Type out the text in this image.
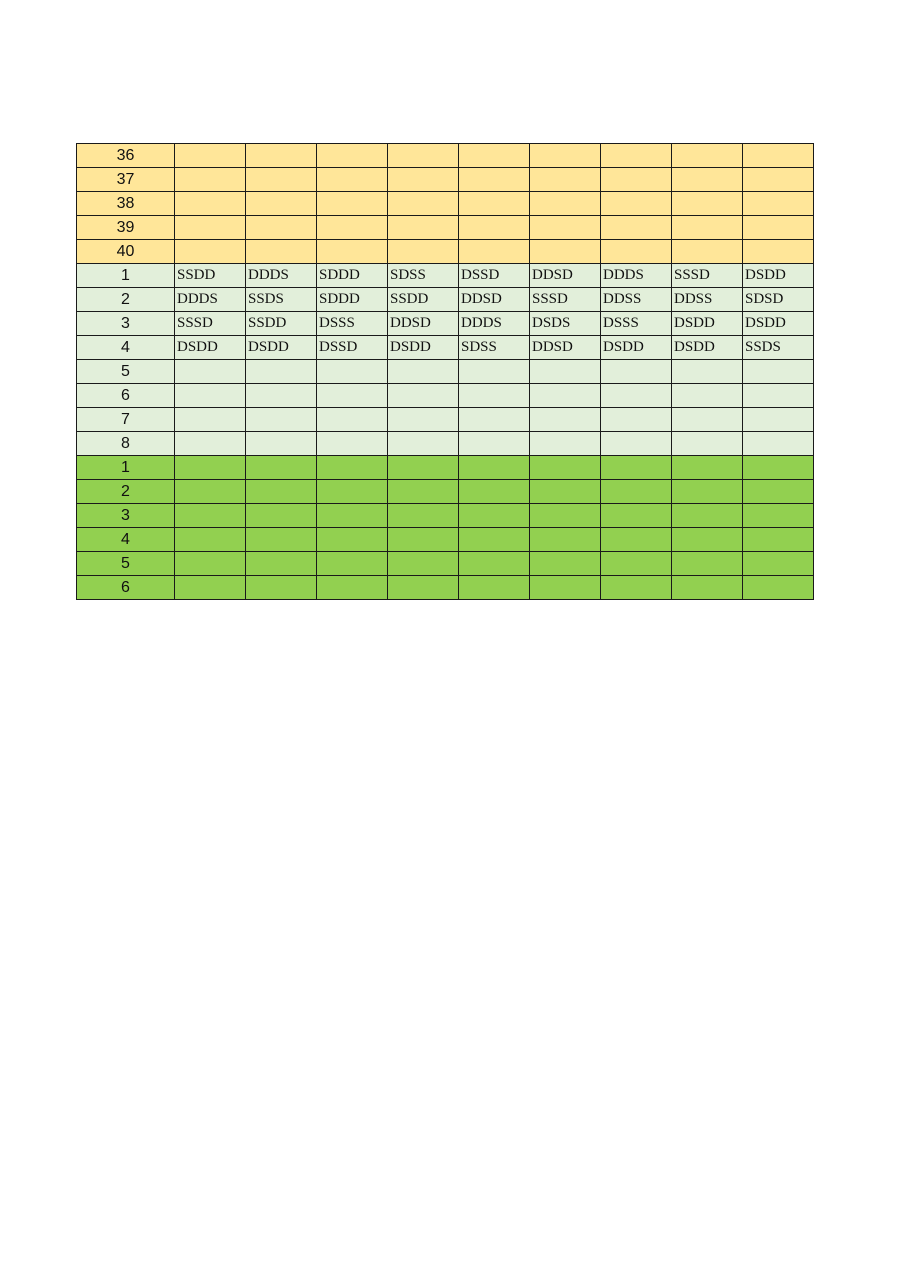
36									
37									
38									
39									
40									
1	SSDD	DDDS	SDDD	SDSS	DSSD	DDSD	DDDS	SSSD	DSDD
2	DDDS	SSDS	SDDD	SSDD	DDSD	SSSD	DDSS	DDSS	SDSD
3	SSSD	SSDD	DSSS	DDSD	DDDS	DSDS	DSSS	DSDD	DSDD
4	DSDD	DSDD	DSSD	DSDD	SDSS	DDSD	DSDD	DSDD	SSDS
5									
6									
7									
8									
1									
2									
3									
4									
5									
6									
